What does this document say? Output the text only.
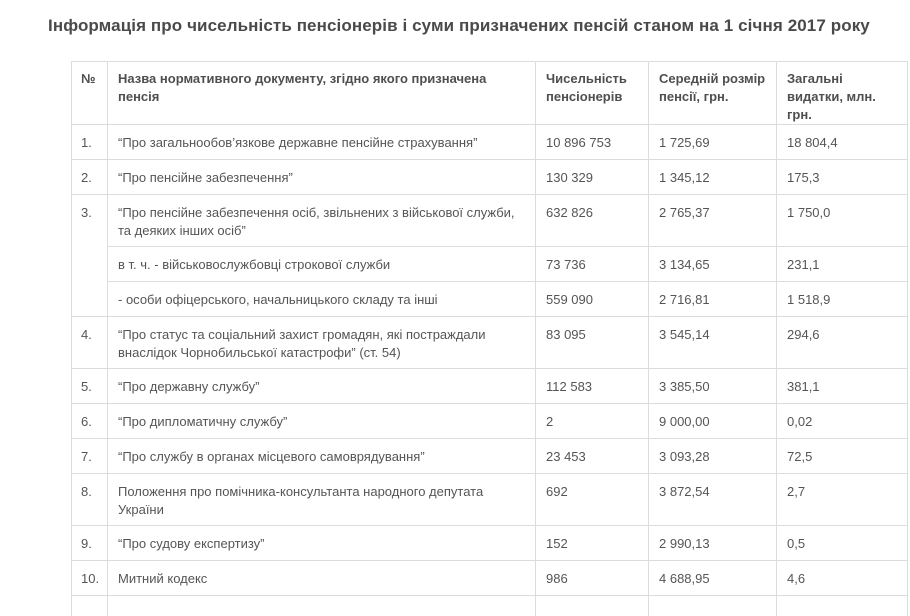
Інформація про чисельність пенсіонерів і суми призначених пенсій станом на 1 січня 2017 року
№	Назва нормативного документу, згідно якого призначена пенсія	Чисельність пенсіонерів	Середній розмір пенсії, грн.	Загальні видатки, млн. грн.
1.	“Про загальнообов’язкове державне пенсійне страхування”	10 896 753	1 725,69	18 804,4
2.	“Про пенсійне забезпечення”	130 329	1 345,12	175,3
3.	“Про пенсійне забезпечення осіб, звільнених з військової служби, та деяких інших осіб”	632 826	2 765,37	1 750,0
	в т. ч. - військовослужбовці строкової служби	73 736	3 134,65	231,1
	- особи офіцерського, начальницького складу та інші	559 090	2 716,81	1 518,9
4.	“Про статус та соціальний захист громадян, які постраждали внаслідок Чорнобильської катастрофи” (ст. 54)	83 095	3 545,14	294,6
5.	“Про державну службу”	112 583	3 385,50	381,1
6.	“Про дипломатичну службу”	2	9 000,00	0,02
7.	“Про службу в органах місцевого самоврядування”	23 453	3 093,28	72,5
8.	Положення про помічника-консультанта народного депутата України	692	3 872,54	2,7
9.	“Про судову експертизу”	152	2 990,13	0,5
10.	Митний кодекс	986	4 688,95	4,6
